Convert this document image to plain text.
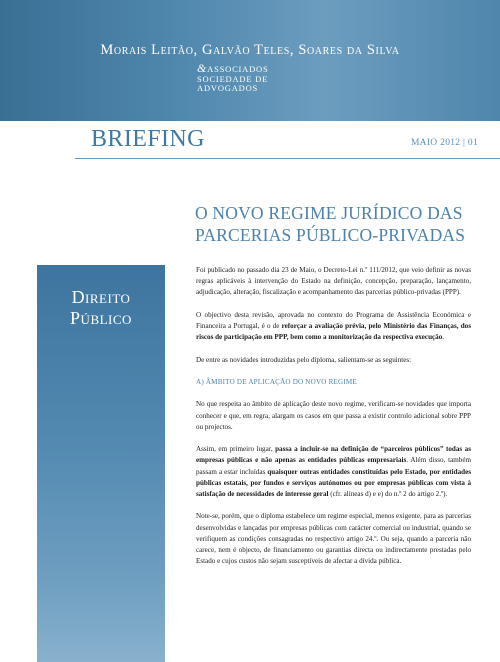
Morais Leitão, Galvão Teles, Soares da Silva
&ASSOCIADOS
SOCIEDADE DE
ADVOGADOS
BRIEFING	MAIO 2012 | 01
O NOVO REGIME JURÍDICO DAS PARCERIAS PÚBLICO-PRIVADAS
Direito
Público

Foi publicado no passado dia 23 de Maio, o Decreto-Lei n.º 111/2012, que veio definir as novas regras aplicáveis à intervenção do Estado na definição, concepção, preparação, lançamento, adjudicação, alteração, fiscalização e acompanhamento das parcerias público-privadas (PPP).

O objectivo desta revisão, aprovada no contexto do Programa de Assistência Económica e Financeira a Portugal, é o de reforçar a avaliação prévia, pelo Ministério das Finanças, dos riscos de participação em PPP, bem como a monitorização da respectiva execução.

De entre as novidades introduzidas pelo diploma, salientam-se as seguintes:

A) ÂMBITO DE APLICAÇÃO DO NOVO REGIME

No que respeita ao âmbito de aplicação deste novo regime, verificam-se novidades que importa conhecer e que, em regra, alargam os casos em que passa a existir controlo adicional sobre PPP ou projectos.

Assim, em primeiro lugar, passa a incluir-se na definição de “parceiros públicos” todas as empresas públicas e não apenas as entidades públicas empresariais. Além disso, também passam a estar incluídas quaisquer outras entidades constituídas pelo Estado, por entidades públicas estatais, por fundos e serviços autónomos ou por empresas públicas com vista à satisfação de necessidades de interesse geral (cfr. alíneas d) e e) do n.º 2 do artigo 2.º).

Note-se, porém, que o diploma estabelece um regime especial, menos exigente, para as parcerias desenvolvidas e lançadas por empresas públicas com carácter comercial ou industrial, quando se verifiquem as condições consagradas no respectivo artigo 24.º. Ou seja, quando a parceria não carece, nem é objecto, de financiamento ou garantias directa ou indirectamente prestadas pelo Estado e cujos custos não sejam susceptíveis de afectar a dívida pública.
